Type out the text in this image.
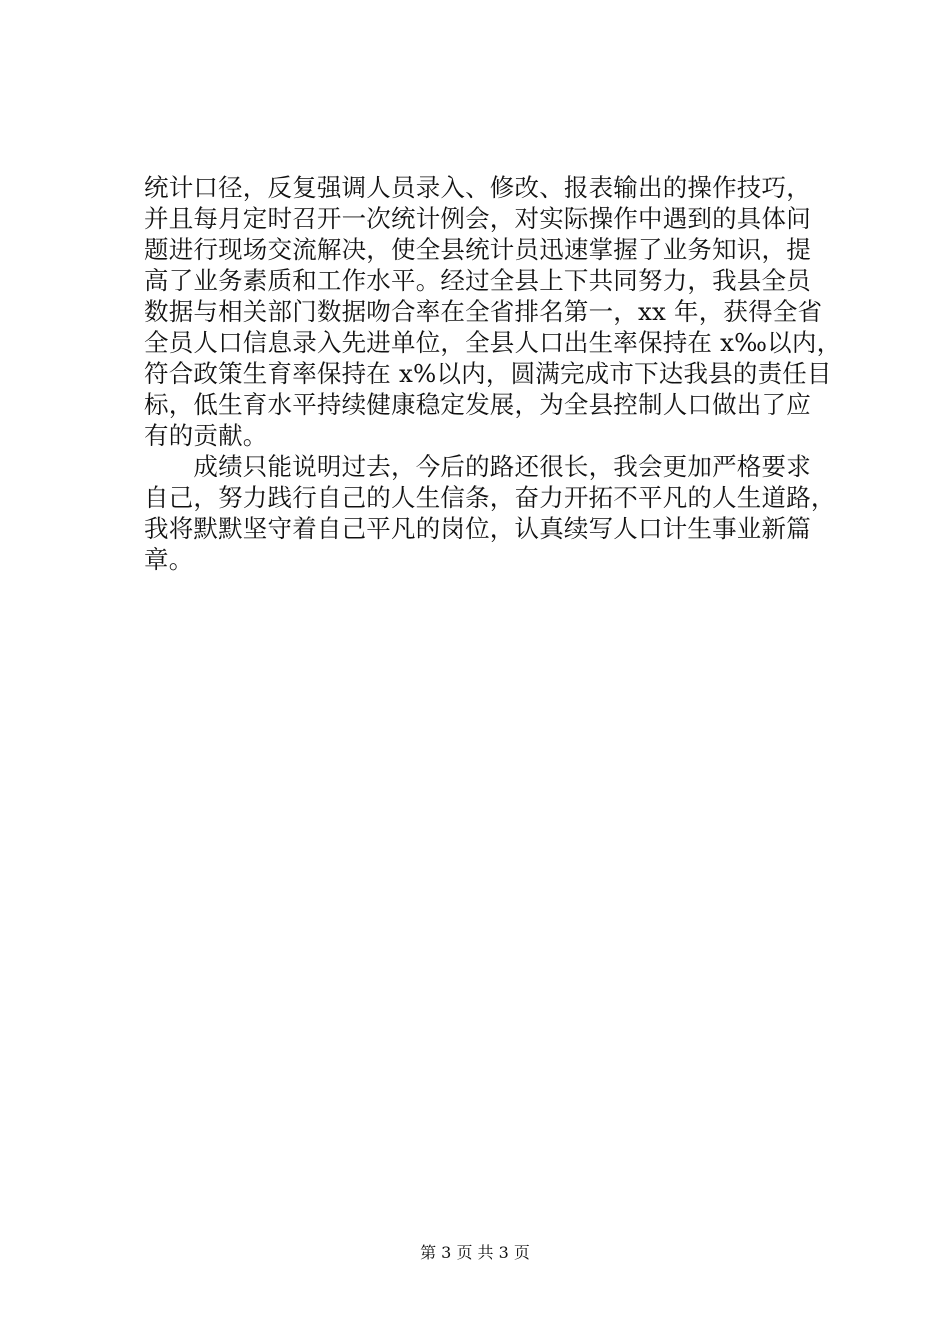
统计口径，反复强调人员录入、修改、报表输出的操作技巧，
并且每月定时召开一次统计例会，对实际操作中遇到的具体问
题进行现场交流解决，使全县统计员迅速掌握了业务知识，提
高了业务素质和工作水平。经过全县上下共同努力，我县全员
数据与相关部门数据吻合率在全省排名第一，xx 年，获得全省
全员人口信息录入先进单位，全县人口出生率保持在 x‰以内，
符合政策生育率保持在 x%以内，圆满完成市下达我县的责任目
标，低生育水平持续健康稳定发展，为全县控制人口做出了应
有的贡献。
　　成绩只能说明过去，今后的路还很长，我会更加严格要求
自己，努力践行自己的人生信条，奋力开拓不平凡的人生道路，
我将默默坚守着自己平凡的岗位，认真续写人口计生事业新篇
章。
第 3 页 共 3 页
